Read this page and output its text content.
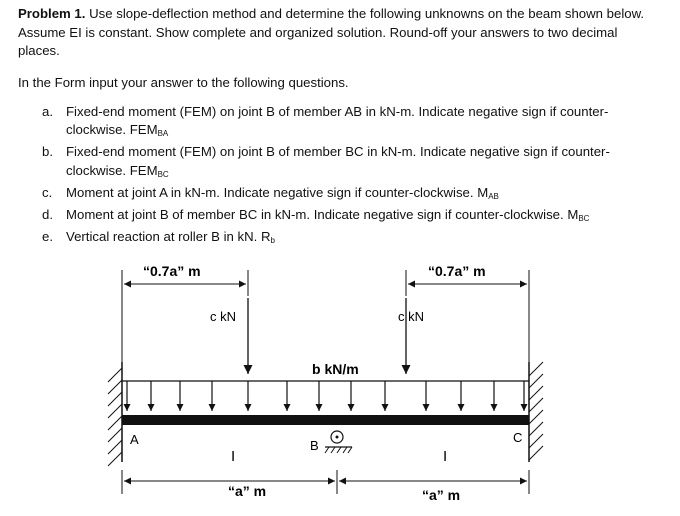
Problem 1. Use slope-deflection method and determine the following unknowns on the beam shown below. Assume EI is constant. Show complete and organized solution. Round-off your answers to two decimal places.
In the Form input your answer to the following questions.
a. Fixed-end moment (FEM) on joint B of member AB in kN-m. Indicate negative sign if counter-clockwise. $FEM_{BA}$
b. Fixed-end moment (FEM) on joint B of member BC in kN-m. Indicate negative sign if counter-clockwise. $FEM_{BC}$
c. Moment at joint A in kN-m. Indicate negative sign if counter-clockwise. $M_{AB}$
d. Moment at joint B of member BC in kN-m. Indicate negative sign if counter-clockwise. $M_{BC}$
e. Vertical reaction at roller B in kN. $R_b$
“0.7a” m	“0.7a” m
c kN	c kN
b kN/m
A	C
B
I	I
“a” m	“a” m
